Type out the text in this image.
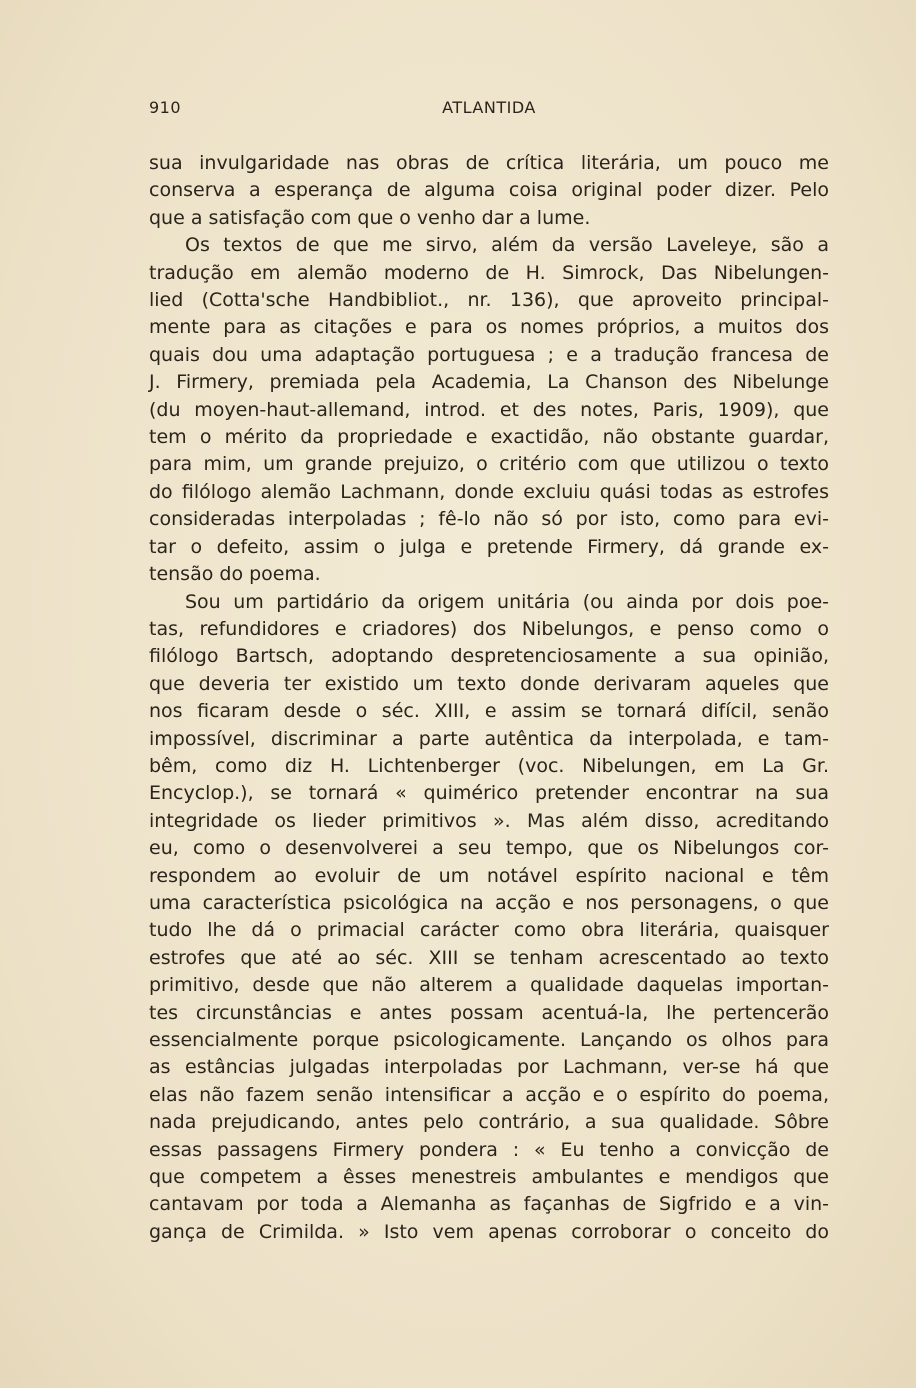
910	ATLANTIDA
sua invulgaridade nas obras de crítica literária, um pouco me
conserva a esperança de alguma coisa original poder dizer. Pelo
que a satisfação com que o venho dar a lume.
Os textos de que me sirvo, além da versão Laveleye, são a
tradução em alemão moderno de H. Simrock, Das Nibelungen-
lied (Cotta'sche Handbibliot., nr. 136), que aproveito principal-
mente para as citações e para os nomes próprios, a muitos dos
quais dou uma adaptação portuguesa ; e a tradução francesa de
J. Firmery, premiada pela Academia, La Chanson des Nibelunge
(du moyen-haut-allemand, introd. et des notes, Paris, 1909), que
tem o mérito da propriedade e exactidão, não obstante guardar,
para mim, um grande prejuizo, o critério com que utilizou o texto
do filólogo alemão Lachmann, donde excluiu quási todas as estrofes
consideradas interpoladas ; fê-lo não só por isto, como para evi-
tar o defeito, assim o julga e pretende Firmery, dá grande ex-
tensão do poema.
Sou um partidário da origem unitária (ou ainda por dois poe-
tas, refundidores e criadores) dos Nibelungos, e penso como o
filólogo Bartsch, adoptando despretenciosamente a sua opinião,
que deveria ter existido um texto donde derivaram aqueles que
nos ficaram desde o séc. XIII, e assim se tornará difícil, senão
impossível, discriminar a parte autêntica da interpolada, e tam-
bêm, como diz H. Lichtenberger (voc. Nibelungen, em La Gr.
Encyclop.), se tornará « quimérico pretender encontrar na sua
integridade os lieder primitivos ». Mas além disso, acreditando
eu, como o desenvolverei a seu tempo, que os Nibelungos cor-
respondem ao evoluir de um notável espírito nacional e têm
uma característica psicológica na acção e nos personagens, o que
tudo lhe dá o primacial carácter como obra literária, quaisquer
estrofes que até ao séc. XIII se tenham acrescentado ao texto
primitivo, desde que não alterem a qualidade daquelas importan-
tes circunstâncias e antes possam acentuá-la, lhe pertencerão
essencialmente porque psicologicamente. Lançando os olhos para
as estâncias julgadas interpoladas por Lachmann, ver-se há que
elas não fazem senão intensificar a acção e o espírito do poema,
nada prejudicando, antes pelo contrário, a sua qualidade. Sôbre
essas passagens Firmery pondera : « Eu tenho a convicção de
que competem a êsses menestreis ambulantes e mendigos que
cantavam por toda a Alemanha as façanhas de Sigfrido e a vin-
gança de Crimilda. » Isto vem apenas corroborar o conceito do
